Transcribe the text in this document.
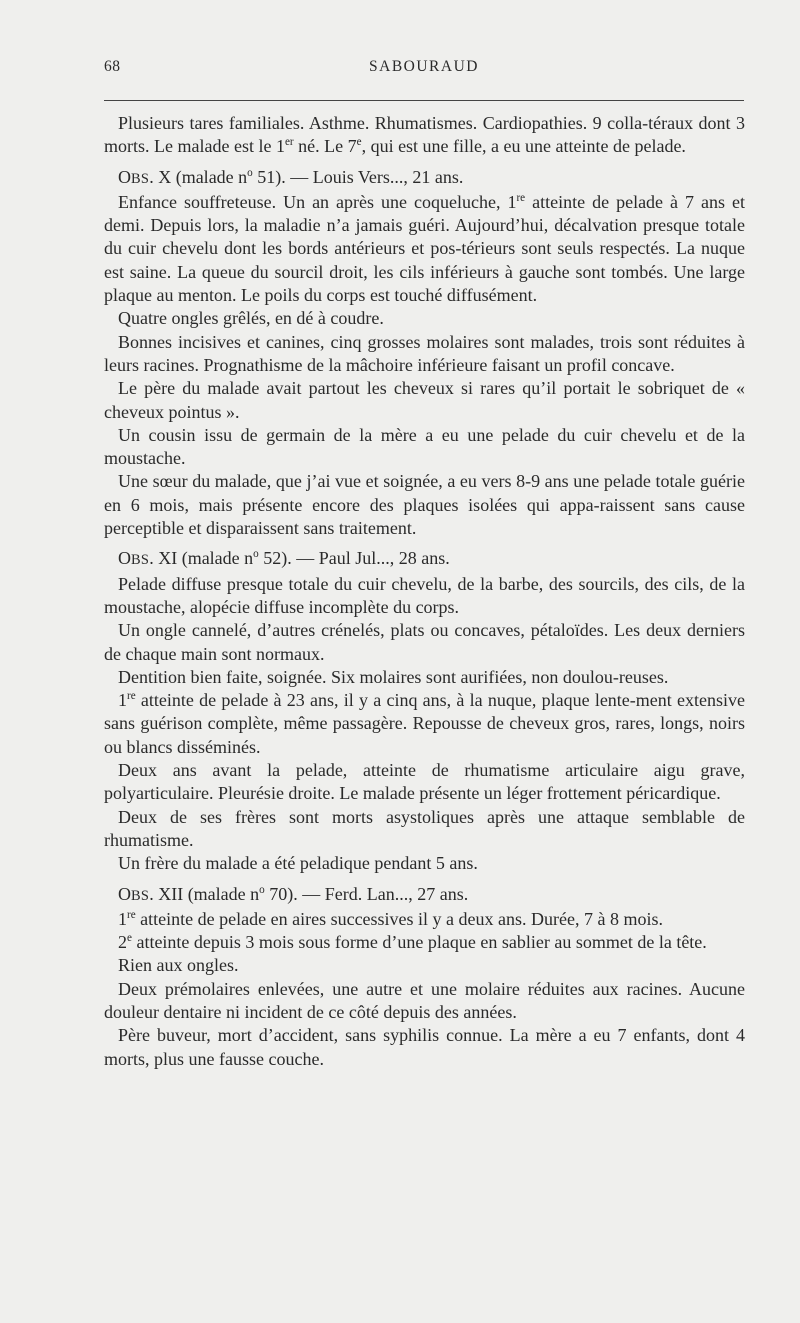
68	SABOURAUD

Plusieurs tares familiales. Asthme. Rhumatismes. Cardiopathies. 9 colla-téraux dont 3 morts. Le malade est le 1er né. Le 7e, qui est une fille, a eu une atteinte de pelade.

OBS. X (malade $n^o$ 51). — Louis Vers..., 21 ans.

Enfance souffreteuse. Un an après une coqueluche, 1re atteinte de pelade à 7 ans et demi. Depuis lors, la maladie n’a jamais guéri. Aujourd’hui, décalvation presque totale du cuir chevelu dont les bords antérieurs et pos-térieurs sont seuls respectés. La nuque est saine. La queue du sourcil droit, les cils inférieurs à gauche sont tombés. Une large plaque au menton. Le poils du corps est touché diffusément.

Quatre ongles grêlés, en dé à coudre.

Bonnes incisives et canines, cinq grosses molaires sont malades, trois sont réduites à leurs racines. Prognathisme de la mâchoire inférieure faisant un profil concave.

Le père du malade avait partout les cheveux si rares qu’il portait le sobriquet de « cheveux pointus ».

Un cousin issu de germain de la mère a eu une pelade du cuir chevelu et de la moustache.

Une sœur du malade, que j’ai vue et soignée, a eu vers 8-9 ans une pelade totale guérie en 6 mois, mais présente encore des plaques isolées qui appa-raissent sans cause perceptible et disparaissent sans traitement.

OBS. XI (malade $n^o$ 52). — Paul Jul..., 28 ans.

Pelade diffuse presque totale du cuir chevelu, de la barbe, des sourcils, des cils, de la moustache, alopécie diffuse incomplète du corps.

Un ongle cannelé, d’autres crénelés, plats ou concaves, pétaloïdes. Les deux derniers de chaque main sont normaux.

Dentition bien faite, soignée. Six molaires sont aurifiées, non doulou-reuses.

1re atteinte de pelade à 23 ans, il y a cinq ans, à la nuque, plaque lente-ment extensive sans guérison complète, même passagère. Repousse de cheveux gros, rares, longs, noirs ou blancs disséminés.

Deux ans avant la pelade, atteinte de rhumatisme articulaire aigu grave, polyarticulaire. Pleurésie droite. Le malade présente un léger frottement péricardique.

Deux de ses frères sont morts asystoliques après une attaque semblable de rhumatisme.

Un frère du malade a été peladique pendant 5 ans.

OBS. XII (malade $n^o$ 70). — Ferd. Lan..., 27 ans.

1re atteinte de pelade en aires successives il y a deux ans. Durée, 7 à 8 mois.

2e atteinte depuis 3 mois sous forme d’une plaque en sablier au sommet de la tête.

Rien aux ongles.

Deux prémolaires enlevées, une autre et une molaire réduites aux racines. Aucune douleur dentaire ni incident de ce côté depuis des années.

Père buveur, mort d’accident, sans syphilis connue. La mère a eu 7 enfants, dont 4 morts, plus une fausse couche.
